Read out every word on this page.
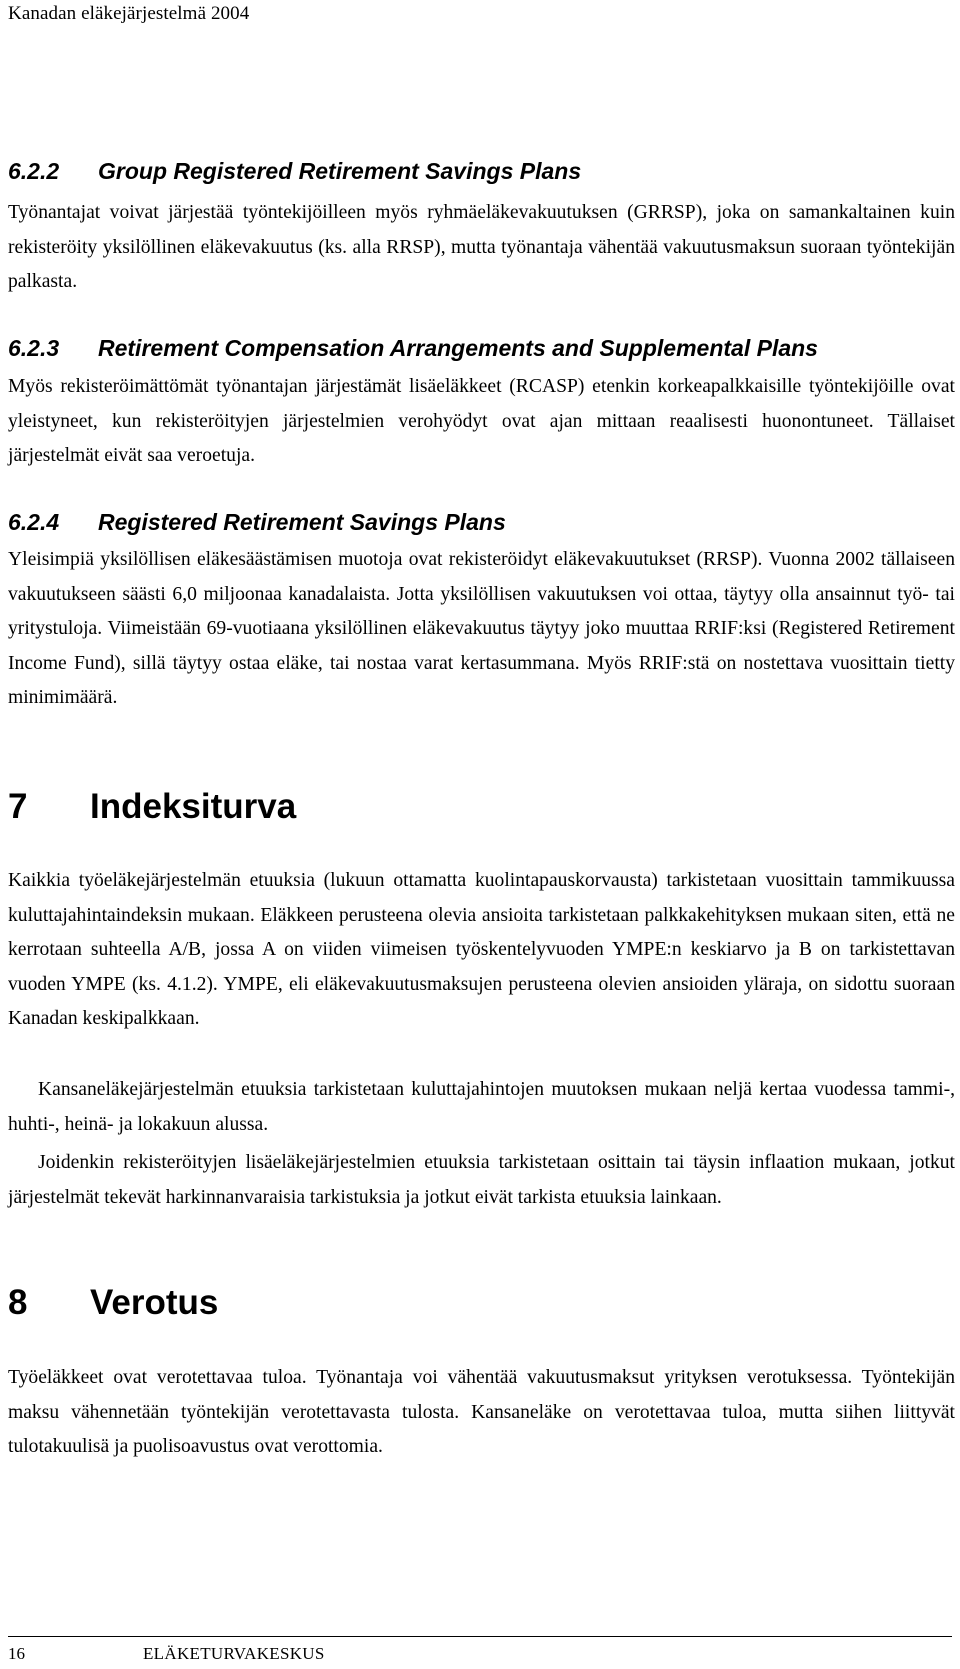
Kanadan eläkejärjestelmä 2004
6.2.2 Group Registered Retirement Savings Plans

Työnantajat voivat järjestää työntekijöilleen myös ryhmäeläkevakuutuksen (GRRSP), joka on samankaltainen kuin rekisteröity yksilöllinen eläkevakuutus (ks. alla RRSP), mutta työnantaja vähentää vakuutusmaksun suoraan työntekijän palkasta.

6.2.3 Retirement Compensation Arrangements and Supplemental Plans

Myös rekisteröimättömät työnantajan järjestämät lisäeläkkeet (RCASP) etenkin korkeapalkkaisille työntekijöille ovat yleistyneet, kun rekisteröityjen järjestelmien verohyödyt ovat ajan mittaan reaalisesti huonontuneet. Tällaiset järjestelmät eivät saa veroetuja.

6.2.4 Registered Retirement Savings Plans

Yleisimpiä yksilöllisen eläkesäästämisen muotoja ovat rekisteröidyt eläkevakuutukset (RRSP). Vuonna 2002 tällaiseen vakuutukseen säästi 6,0 miljoonaa kanadalaista. Jotta yksilöllisen vakuutuksen voi ottaa, täytyy olla ansainnut työ- tai yritystuloja. Viimeistään 69-vuotiaana yksilöllinen eläkevakuutus täytyy joko muuttaa RRIF:ksi (Registered Retirement Income Fund), sillä täytyy ostaa eläke, tai nostaa varat kertasummana. Myös RRIF:stä on nostettava vuosittain tietty minimimäärä.

7 Indeksiturva

Kaikkia työeläkejärjestelmän etuuksia (lukuun ottamatta kuolintapauskorvausta) tarkistetaan vuosittain tammikuussa kuluttajahintaindeksin mukaan. Eläkkeen perusteena olevia ansioita tarkistetaan palkkakehityksen mukaan siten, että ne kerrotaan suhteella A/B, jossa A on viiden viimeisen työskentelyvuoden YMPE:n keskiarvo ja B on tarkistettavan vuoden YMPE (ks. 4.1.2). YMPE, eli eläkevakuutusmaksujen perusteena olevien ansioiden yläraja, on sidottu suoraan Kanadan keskipalkkaan.

Kansaneläkejärjestelmän etuuksia tarkistetaan kuluttajahintojen muutoksen mukaan neljä kertaa vuodessa tammi-, huhti-, heinä- ja lokakuun alussa.

Joidenkin rekisteröityjen lisäeläkejärjestelmien etuuksia tarkistetaan osittain tai täysin inflaation mukaan, jotkut järjestelmät tekevät harkinnanvaraisia tarkistuksia ja jotkut eivät tarkista etuuksia lainkaan.

8 Verotus

Työeläkkeet ovat verotettavaa tuloa. Työnantaja voi vähentää vakuutusmaksut yrityksen verotuksessa. Työntekijän maksu vähennetään työntekijän verotettavasta tulosta. Kansaneläke on verotettavaa tuloa, mutta siihen liittyvät tulotakuulisä ja puolisoavustus ovat verottomia.

16	ELÄKETURVAKESKUS
